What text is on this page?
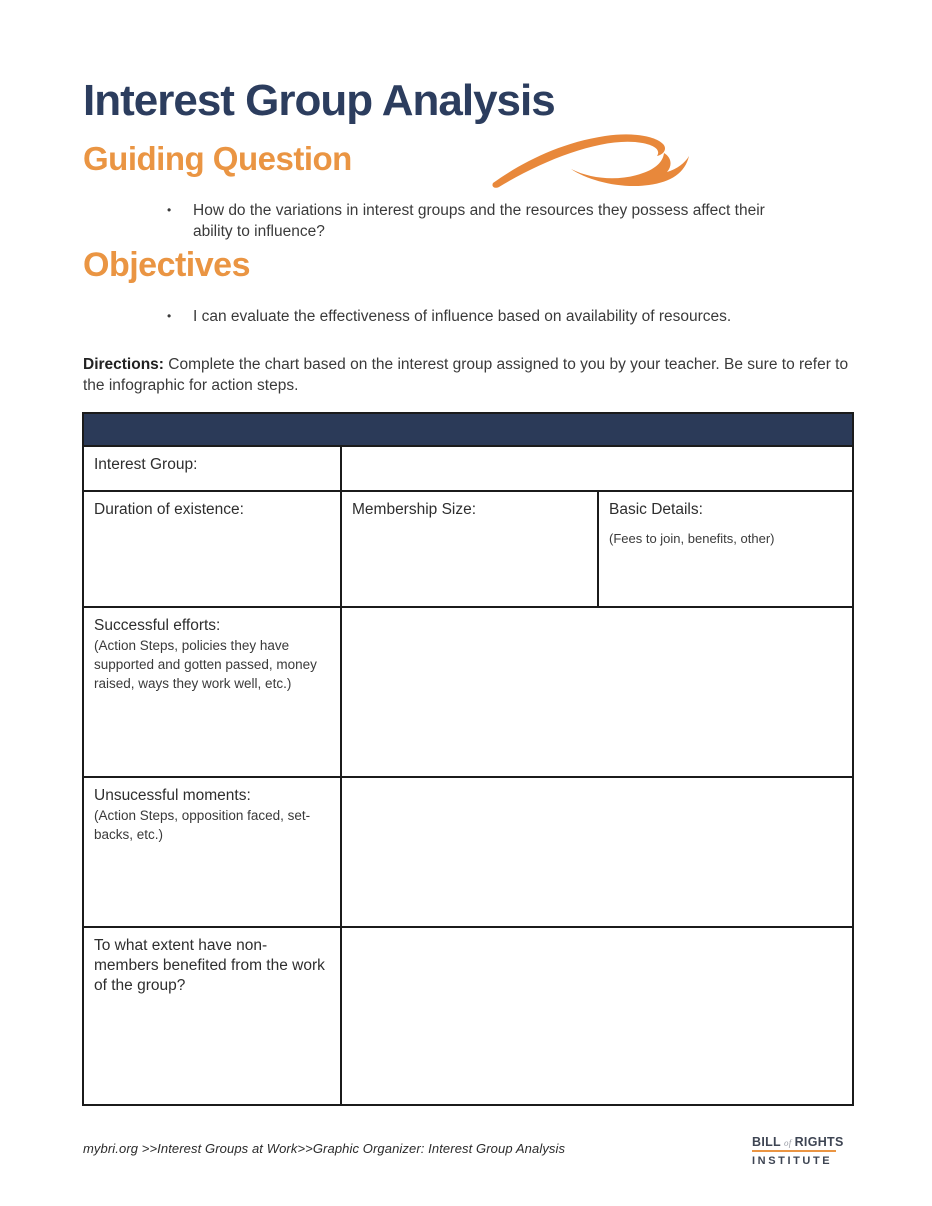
Interest Group Analysis
Guiding Question
•	How do the variations in interest groups and the resources they possess affect their ability to influence?
Objectives
•	I can evaluate the effectiveness of influence based on availability of resources.

Directions: Complete the chart based on the interest group assigned to you by your teacher. Be sure to refer to the infographic for action steps.

Interest Group:		

Duration of existence:	Membership Size:	Basic Details:
(Fees to join, benefits, other)

Successful efforts:
(Action Steps, policies they have supported and gotten passed, money raised, ways they work well, etc.)		

Unsucessful moments:
(Action Steps, opposition faced, set-backs, etc.)		

To what extent have non-members benefited from the work of the group?		

mybri.org >>Interest Groups at Work>>Graphic Organizer: Interest Group Analysis	BILL of RIGHTS
INSTITUTE
